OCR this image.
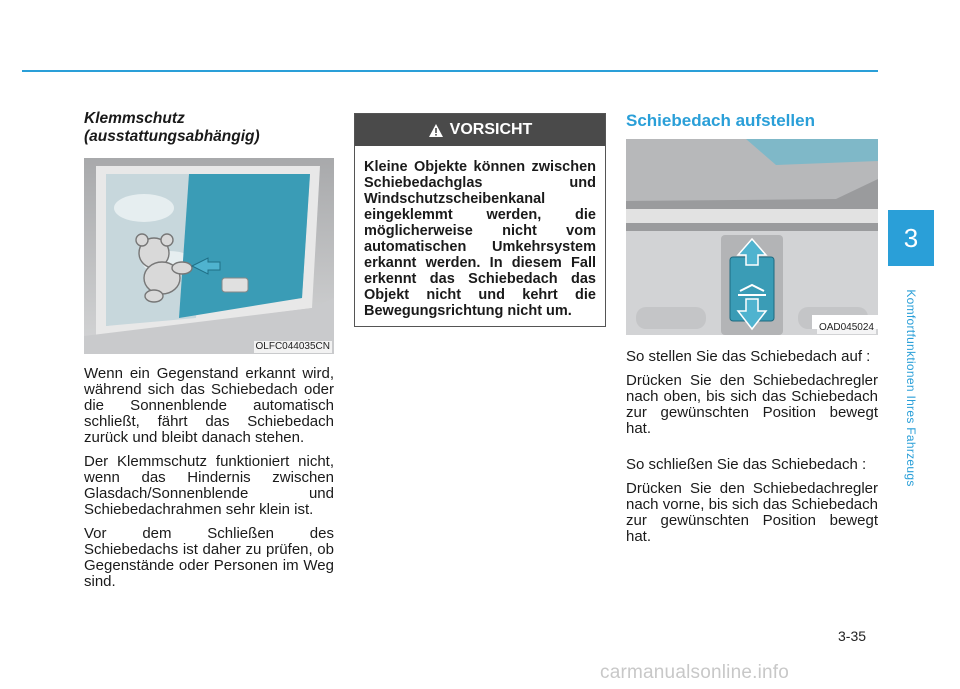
3
Komfortfunktionen Ihres Fahrzeugs
Klemmschutz (ausstattungsabhängig)
OLFC044035CN

Wenn ein Gegenstand erkannt wird, während sich das Schiebedach oder die Sonnenblende automatisch schließt, fährt das Schiebedach zurück und bleibt danach stehen.

Der Klemmschutz funktioniert nicht, wenn das Hindernis zwischen Glasdach/Sonnenblende und Schiebedachrahmen sehr klein ist.

Vor dem Schließen des Schiebedachs ist daher zu prüfen, ob Gegenstände oder Personen im Weg sind.

VORSICHT

Kleine Objekte können zwischen Schiebedachglas und Windschutzscheibenkanal eingeklemmt werden, die möglicherweise nicht vom automatischen Umkehrsystem erkannt werden. In diesem Fall erkennt das Schiebedach das Objekt nicht und kehrt die Bewegungsrichtung nicht um.

Schiebedach aufstellen
OAD045024

So stellen Sie das Schiebedach auf :

Drücken Sie den Schiebedachregler nach oben, bis sich das Schiebedach zur gewünschten Position bewegt hat.

So schließen Sie das Schiebedach :

Drücken Sie den Schiebedachregler nach vorne, bis sich das Schiebedach zur gewünschten Position bewegt hat.

3-35
carmanualsonline.info
